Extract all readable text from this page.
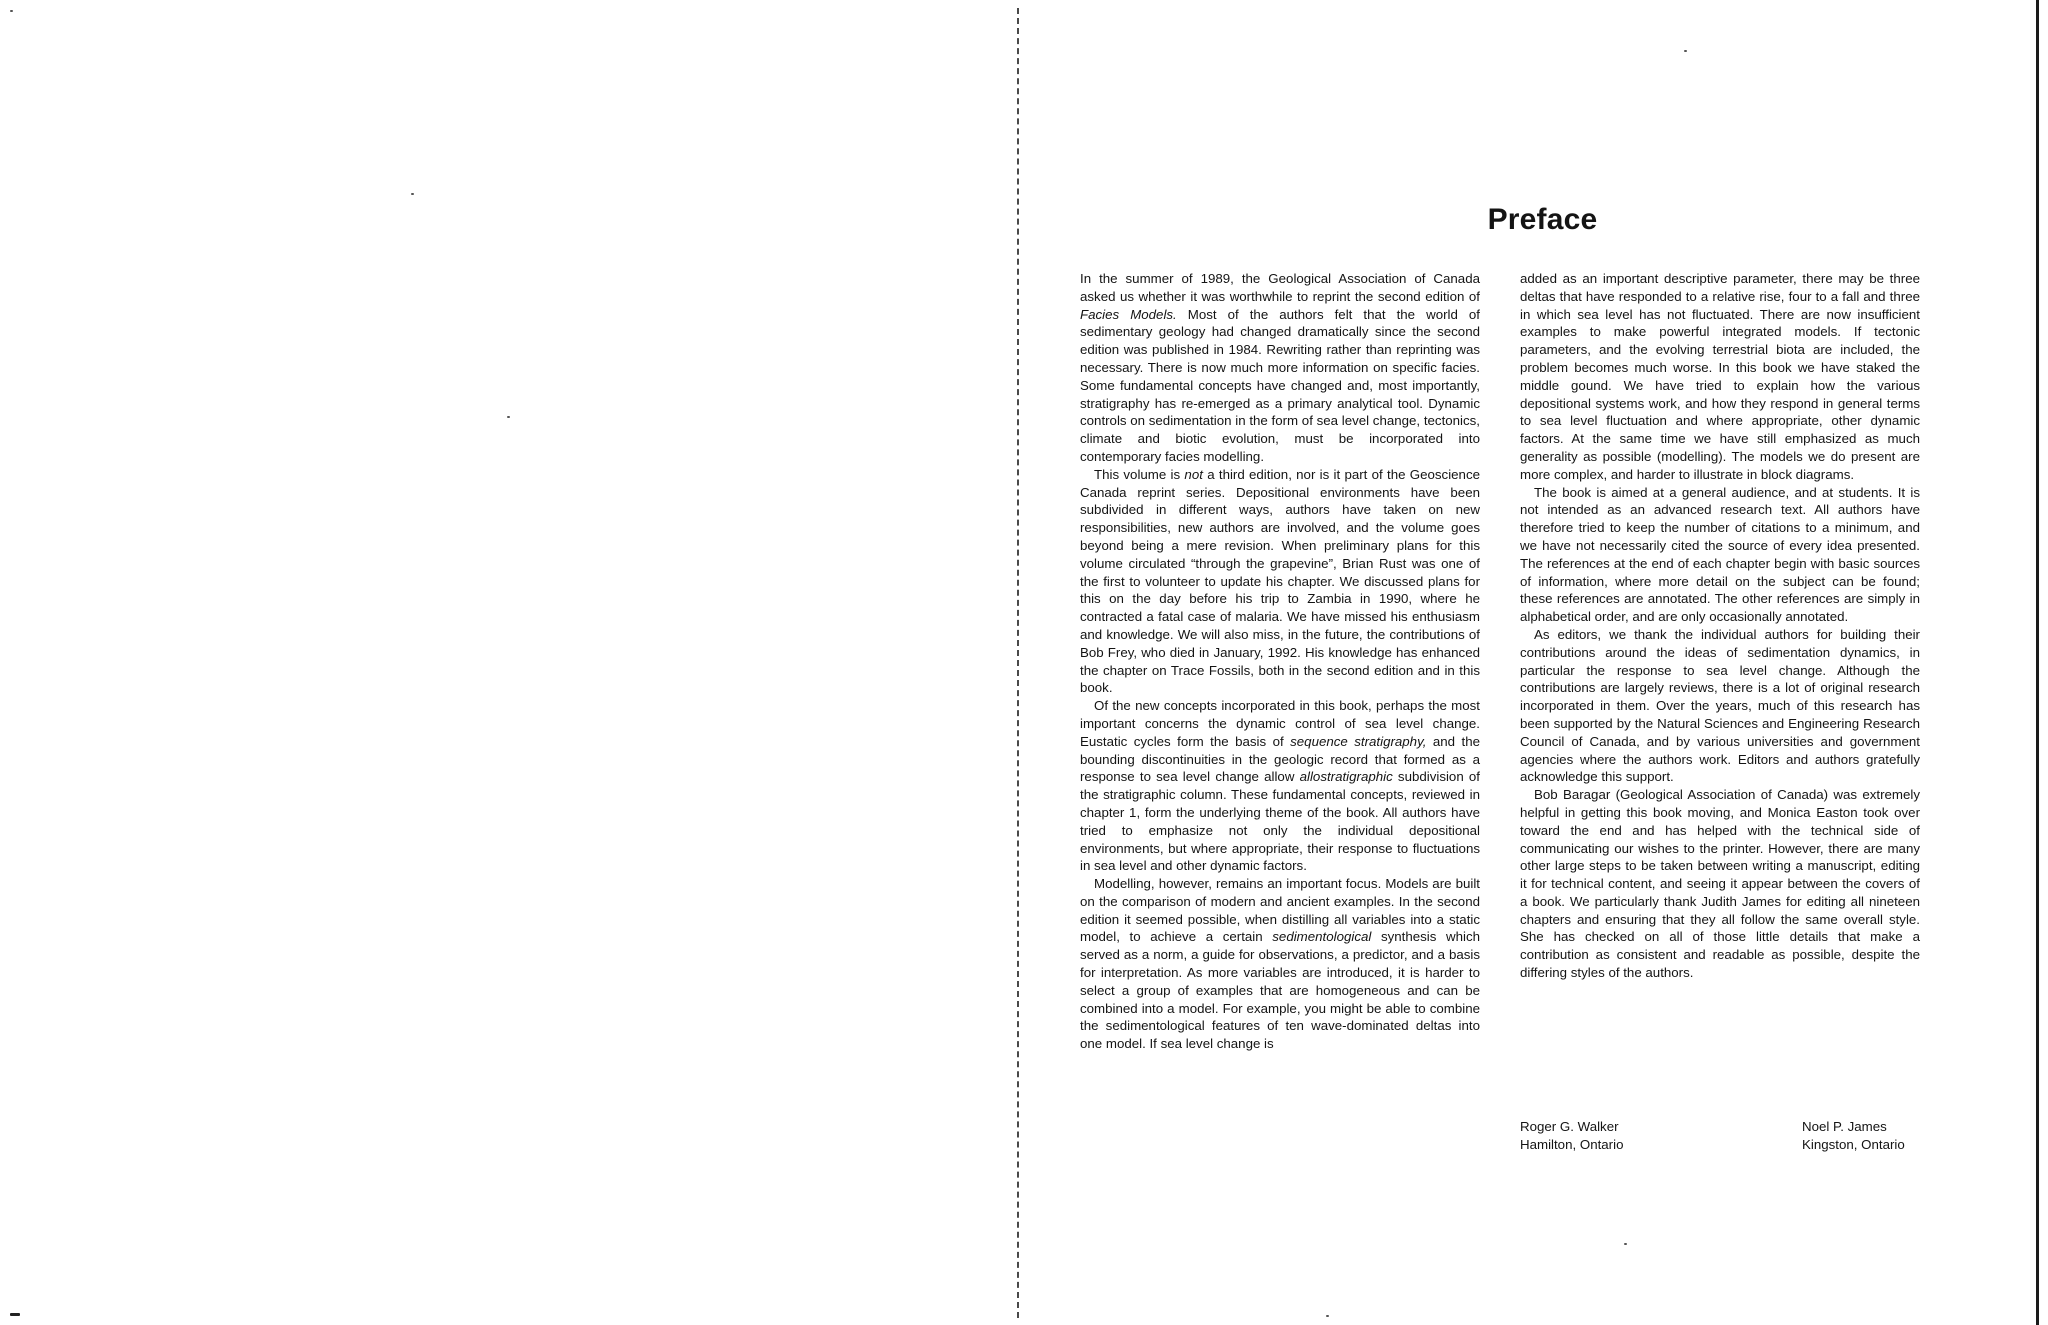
Preface

In the summer of 1989, the Geological Association of Canada asked us whether it was worthwhile to reprint the second edition of Facies Models. Most of the authors felt that the world of sedimentary geology had changed dramatically since the second edition was published in 1984. Rewriting rather than reprinting was necessary. There is now much more information on specific facies. Some fundamental concepts have changed and, most importantly, stratigraphy has re-emerged as a primary analytical tool. Dynamic controls on sedimentation in the form of sea level change, tectonics, climate and biotic evolution, must be incorporated into contemporary facies modelling.

This volume is not a third edition, nor is it part of the Geoscience Canada reprint series. Depositional environments have been subdivided in different ways, authors have taken on new responsibilities, new authors are involved, and the volume goes beyond being a mere revision. When preliminary plans for this volume circulated “through the grapevine”, Brian Rust was one of the first to volunteer to update his chapter. We discussed plans for this on the day before his trip to Zambia in 1990, where he contracted a fatal case of malaria. We have missed his enthusiasm and knowledge. We will also miss, in the future, the contributions of Bob Frey, who died in January, 1992. His knowledge has enhanced the chapter on Trace Fossils, both in the second edition and in this book.

Of the new concepts incorporated in this book, perhaps the most important concerns the dynamic control of sea level change. Eustatic cycles form the basis of sequence stratigraphy, and the bounding discontinuities in the geologic record that formed as a response to sea level change allow allostratigraphic subdivision of the stratigraphic column. These fundamental concepts, reviewed in chapter 1, form the underlying theme of the book. All authors have tried to emphasize not only the individual depositional environments, but where appropriate, their response to fluctuations in sea level and other dynamic factors.

Modelling, however, remains an important focus. Models are built on the comparison of modern and ancient examples. In the second edition it seemed possible, when distilling all variables into a static model, to achieve a certain sedimentological synthesis which served as a norm, a guide for observations, a predictor, and a basis for interpretation. As more variables are introduced, it is harder to select a group of examples that are homogeneous and can be combined into a model. For example, you might be able to combine the sedimentological features of ten wave-dominated deltas into one model. If sea level change is

added as an important descriptive parameter, there may be three deltas that have responded to a relative rise, four to a fall and three in which sea level has not fluctuated. There are now insufficient examples to make powerful integrated models. If tectonic parameters, and the evolving terrestrial biota are included, the problem becomes much worse. In this book we have staked the middle gound. We have tried to explain how the various depositional systems work, and how they respond in general terms to sea level fluctuation and where appropriate, other dynamic factors. At the same time we have still emphasized as much generality as possible (modelling). The models we do present are more complex, and harder to illustrate in block diagrams.

The book is aimed at a general audience, and at students. It is not intended as an advanced research text. All authors have therefore tried to keep the number of citations to a minimum, and we have not necessarily cited the source of every idea presented. The references at the end of each chapter begin with basic sources of information, where more detail on the subject can be found; these references are annotated. The other references are simply in alphabetical order, and are only occasionally annotated.

As editors, we thank the individual authors for building their contributions around the ideas of sedimentation dynamics, in particular the response to sea level change. Although the contributions are largely reviews, there is a lot of original research incorporated in them. Over the years, much of this research has been supported by the Natural Sciences and Engineering Research Council of Canada, and by various universities and government agencies where the authors work. Editors and authors gratefully acknowledge this support.

Bob Baragar (Geological Association of Canada) was extremely helpful in getting this book moving, and Monica Easton took over toward the end and has helped with the technical side of communicating our wishes to the printer. However, there are many other large steps to be taken between writing a manuscript, editing it for technical content, and seeing it appear between the covers of a book. We particularly thank Judith James for editing all nineteen chapters and ensuring that they all follow the same overall style. She has checked on all of those little details that make a contribution as consistent and readable as possible, despite the differing styles of the authors.

Roger G. Walker
Hamilton, Ontario
Noel P. James
Kingston, Ontario
